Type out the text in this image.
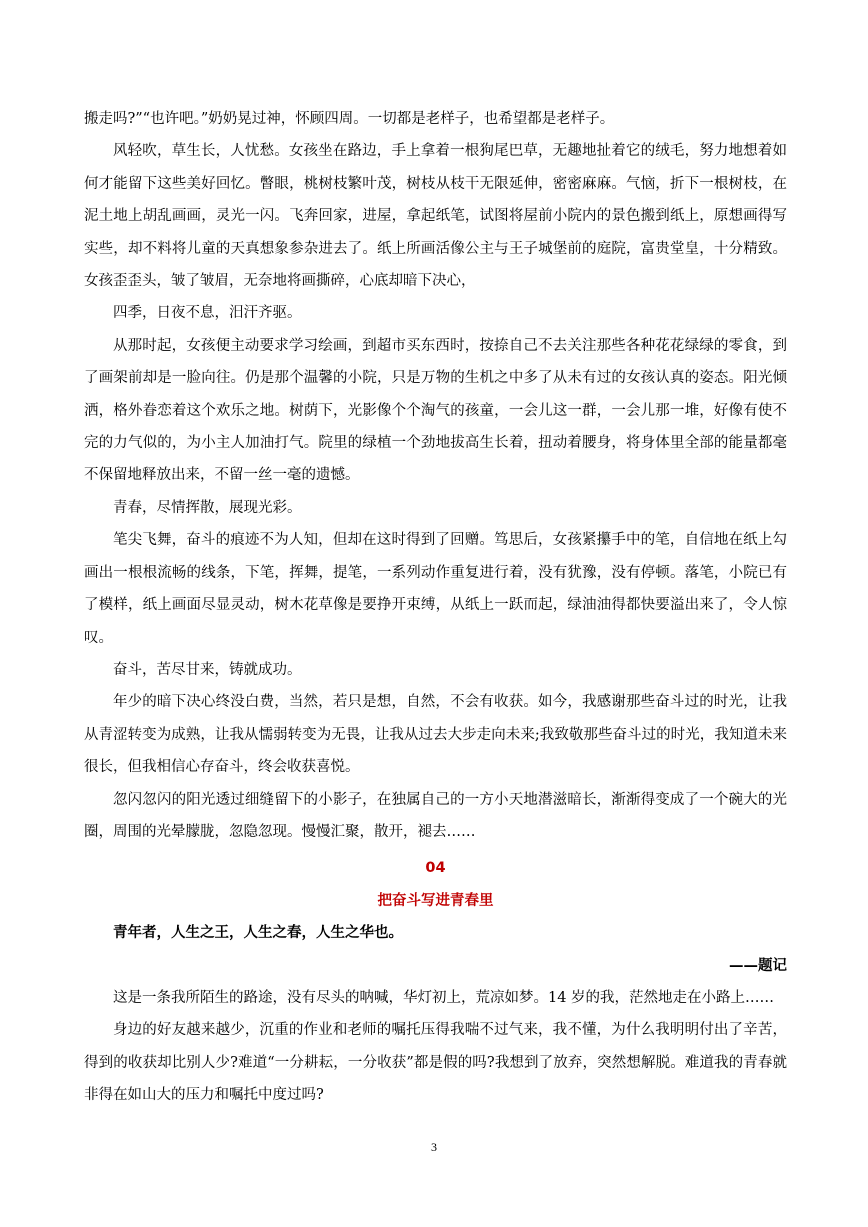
搬走吗?”“也许吧。”奶奶晃过神，怀顾四周。一切都是老样子，也希望都是老样子。

风轻吹，草生长，人忧愁。女孩坐在路边，手上拿着一根狗尾巴草，无趣地扯着它的绒毛，努力地想着如何才能留下这些美好回忆。瞥眼，桃树枝繁叶茂，树枝从枝干无限延伸，密密麻麻。气恼，折下一根树枝，在泥土地上胡乱画画，灵光一闪。飞奔回家，进屋，拿起纸笔，试图将屋前小院内的景色搬到纸上，原想画得写实些，却不料将儿童的天真想象参杂进去了。纸上所画活像公主与王子城堡前的庭院，富贵堂皇，十分精致。女孩歪歪头，皱了皱眉，无奈地将画撕碎，心底却暗下决心，

四季，日夜不息，汨汗齐驱。

从那时起，女孩便主动要求学习绘画，到超市买东西时，按捺自己不去关注那些各种花花绿绿的零食，到了画架前却是一脸向往。仍是那个温馨的小院，只是万物的生机之中多了从未有过的女孩认真的姿态。阳光倾洒，格外眷恋着这个欢乐之地。树荫下，光影像个个淘气的孩童，一会儿这一群，一会儿那一堆，好像有使不完的力气似的，为小主人加油打气。院里的绿植一个劲地拔高生长着，扭动着腰身，将身体里全部的能量都毫不保留地释放出来，不留一丝一毫的遗憾。

青春，尽情挥散，展现光彩。

笔尖飞舞，奋斗的痕迹不为人知，但却在这时得到了回赠。笃思后，女孩紧攥手中的笔，自信地在纸上勾画出一根根流畅的线条，下笔，挥舞，提笔，一系列动作重复进行着，没有犹豫，没有停顿。落笔，小院已有了模样，纸上画面尽显灵动，树木花草像是要挣开束缚，从纸上一跃而起，绿油油得都快要溢出来了，令人惊叹。

奋斗，苦尽甘来，铸就成功。

年少的暗下决心终没白费，当然，若只是想，自然，不会有收获。如今，我感谢那些奋斗过的时光，让我从青涩转变为成熟，让我从懦弱转变为无畏，让我从过去大步走向未来;我致敬那些奋斗过的时光，我知道未来很长，但我相信心存奋斗，终会收获喜悦。

忽闪忽闪的阳光透过细缝留下的小影子，在独属自己的一方小天地潜滋暗长，渐渐得变成了一个碗大的光圈，周围的光晕朦胧，忽隐忽现。慢慢汇聚，散开，褪去……

04

把奋斗写进青春里

青年者，人生之王，人生之春，人生之华也。

——题记

这是一条我所陌生的路途，没有尽头的呐喊，华灯初上，荒凉如梦。14 岁的我，茫然地走在小路上……

身边的好友越来越少，沉重的作业和老师的嘱托压得我喘不过气来，我不懂，为什么我明明付出了辛苦，得到的收获却比别人少?难道“一分耕耘，一分收获”都是假的吗?我想到了放弃，突然想解脱。难道我的青春就非得在如山大的压力和嘱托中度过吗?

3
